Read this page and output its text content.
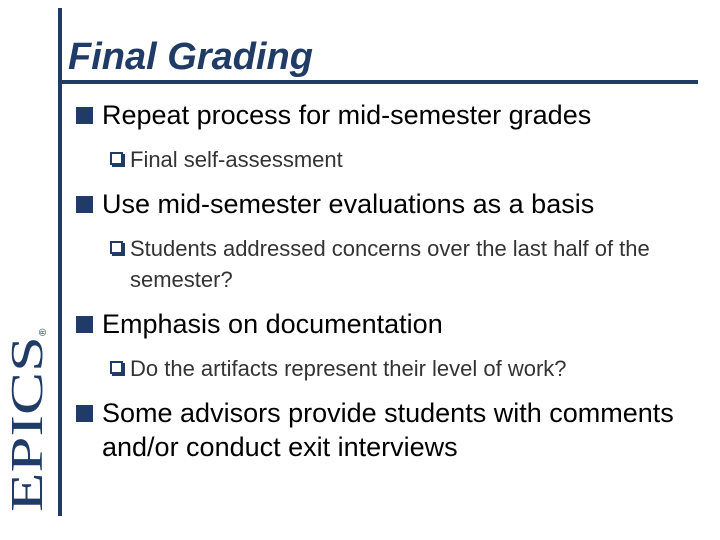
Final Grading
EPICS
®
Repeat process for mid-semester grades
Final self-assessment
Use mid-semester evaluations as a basis
Students addressed concerns over the last half of the semester?
Emphasis on documentation
Do the artifacts represent their level of work?
Some advisors provide students with comments and/or conduct exit interviews
